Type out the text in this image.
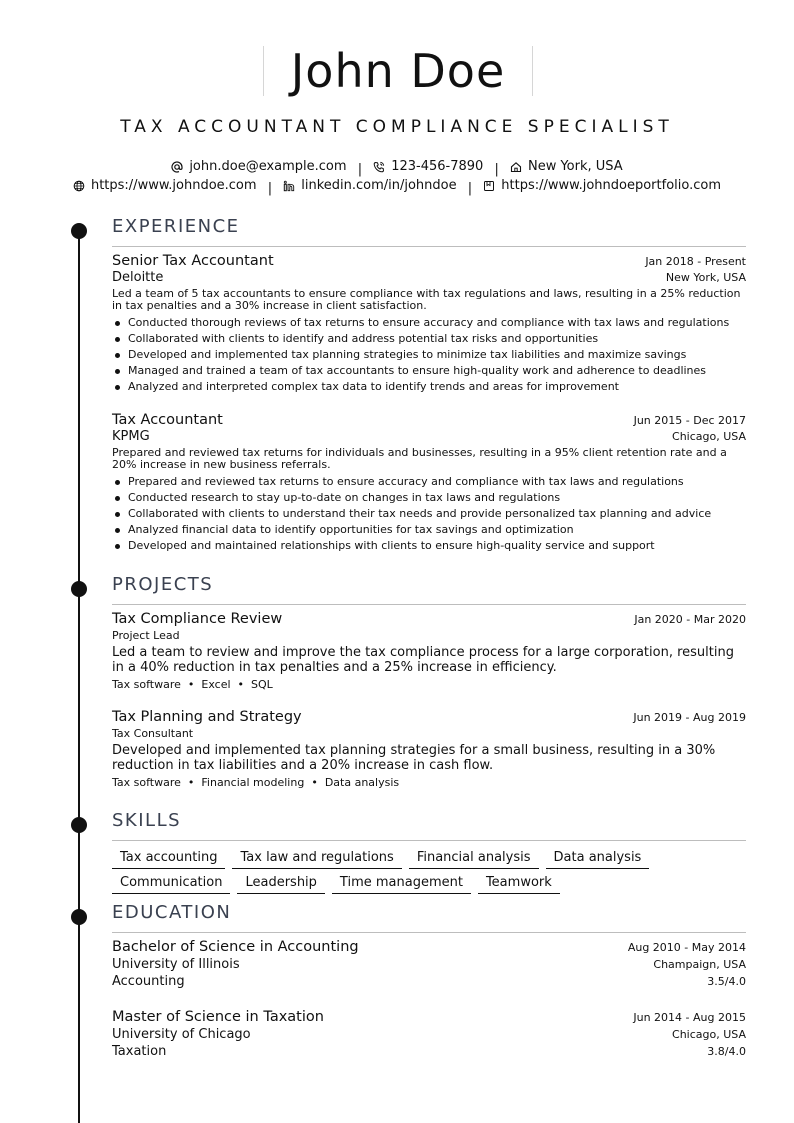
John Doe
TAX ACCOUNTANT COMPLIANCE SPECIALIST
john.doe@example.com | 123-456-7890 | New York, USA
https://www.johndoe.com | linkedin.com/in/johndoe | https://www.johndoeportfolio.com
EXPERIENCE
Senior Tax Accountant	Jan 2018 - Present
Deloitte	New York, USA
Led a team of 5 tax accountants to ensure compliance with tax regulations and laws, resulting in a 25% reduction in tax penalties and a 30% increase in client satisfaction.
Conducted thorough reviews of tax returns to ensure accuracy and compliance with tax laws and regulations
Collaborated with clients to identify and address potential tax risks and opportunities
Developed and implemented tax planning strategies to minimize tax liabilities and maximize savings
Managed and trained a team of tax accountants to ensure high-quality work and adherence to deadlines
Analyzed and interpreted complex tax data to identify trends and areas for improvement
Tax Accountant	Jun 2015 - Dec 2017
KPMG	Chicago, USA
Prepared and reviewed tax returns for individuals and businesses, resulting in a 95% client retention rate and a 20% increase in new business referrals.
Prepared and reviewed tax returns to ensure accuracy and compliance with tax laws and regulations
Conducted research to stay up-to-date on changes in tax laws and regulations
Collaborated with clients to understand their tax needs and provide personalized tax planning and advice
Analyzed financial data to identify opportunities for tax savings and optimization
Developed and maintained relationships with clients to ensure high-quality service and support
PROJECTS
Tax Compliance Review	Jan 2020 - Mar 2020
Project Lead
Led a team to review and improve the tax compliance process for a large corporation, resulting in a 40% reduction in tax penalties and a 25% increase in efficiency.
Tax software • Excel • SQL
Tax Planning and Strategy	Jun 2019 - Aug 2019
Tax Consultant
Developed and implemented tax planning strategies for a small business, resulting in a 30% reduction in tax liabilities and a 20% increase in cash flow.
Tax software • Financial modeling • Data analysis
SKILLS
Tax accounting Tax law and regulations Financial analysis Data analysis
Communication Leadership Time management Teamwork
EDUCATION
Bachelor of Science in Accounting	Aug 2010 - May 2014
University of Illinois	Champaign, USA
Accounting	3.5/4.0
Master of Science in Taxation	Jun 2014 - Aug 2015
University of Chicago	Chicago, USA
Taxation	3.8/4.0
